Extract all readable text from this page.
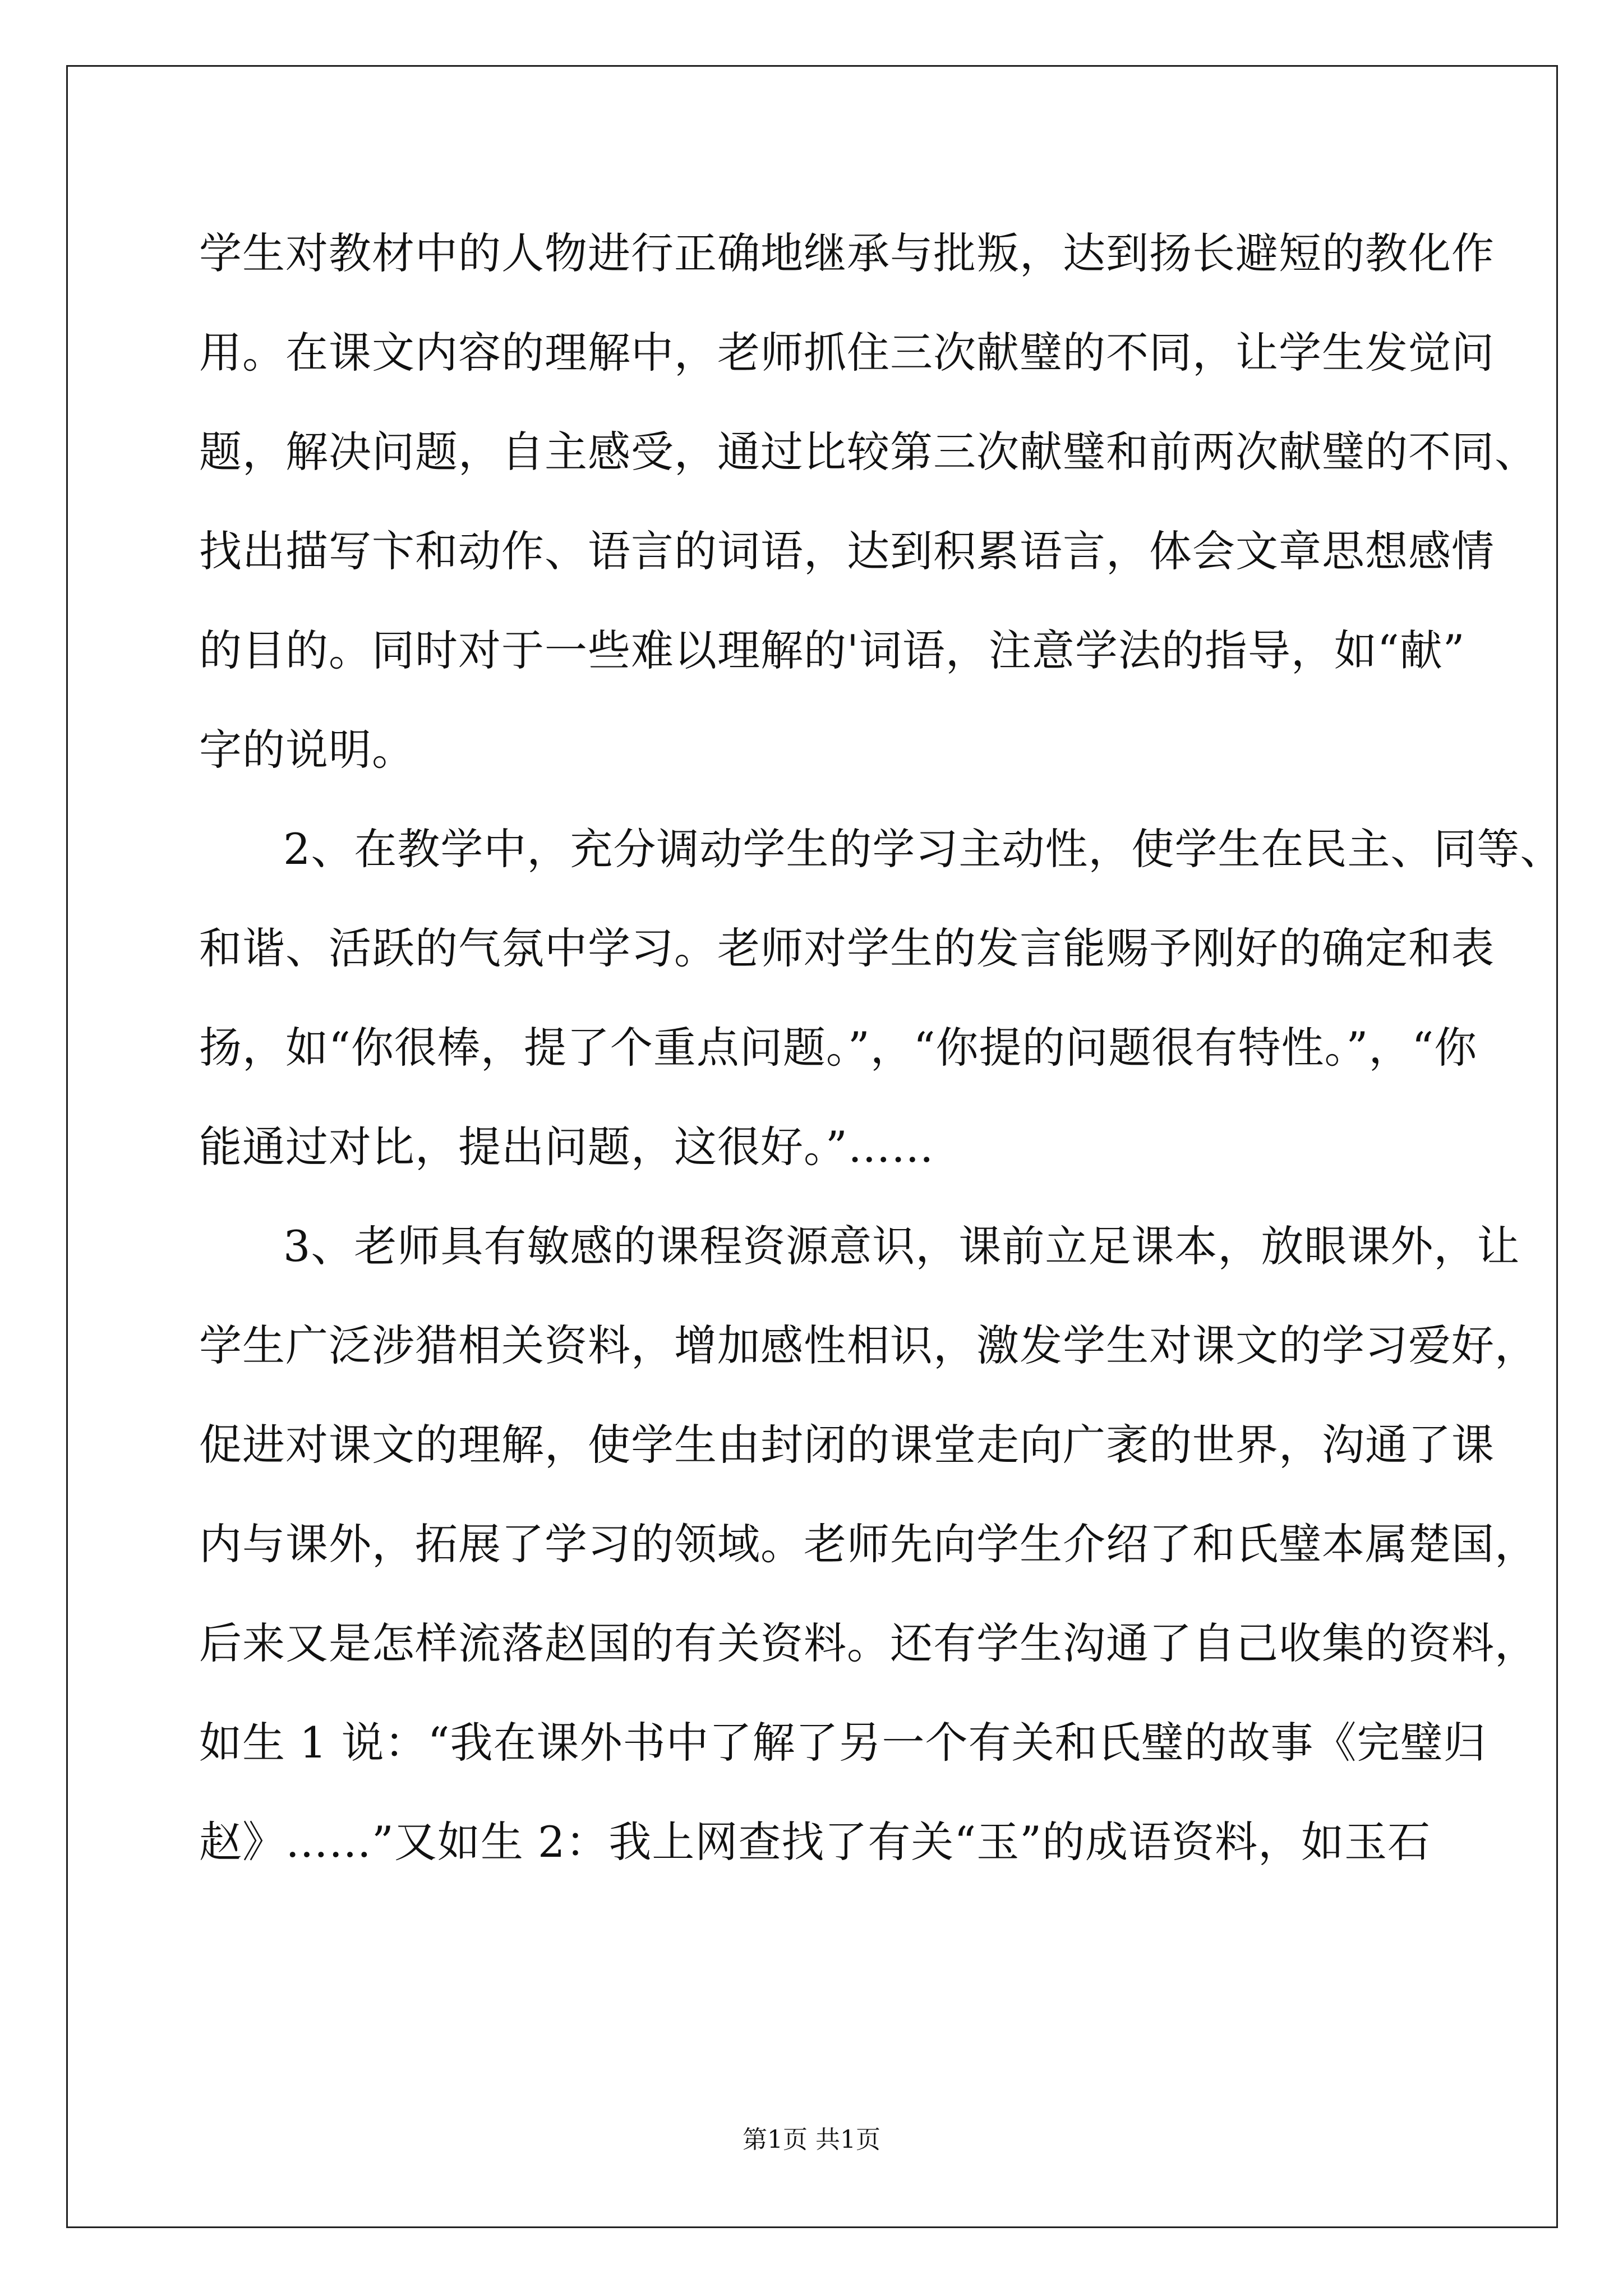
学生对教材中的人物进行正确地继承与批叛，达到扬长避短的教化作
用。在课文内容的理解中，老师抓住三次献璧的不同，让学生发觉问
题，解决问题，自主感受，通过比较第三次献璧和前两次献璧的不同、
找出描写卞和动作、语言的词语，达到积累语言，体会文章思想感情
的目的。同时对于一些难以理解的'词语，注意学法的指导，如“献”
字的说明。
2、在教学中，充分调动学生的学习主动性，使学生在民主、同等、
和谐、活跃的气氛中学习。老师对学生的发言能赐予刚好的确定和表
扬，如“你很棒，提了个重点问题。”，“你提的问题很有特性。”，“你
能通过对比，提出问题，这很好。”……
3、老师具有敏感的课程资源意识，课前立足课本，放眼课外，让
学生广泛涉猎相关资料，增加感性相识，激发学生对课文的学习爱好，
促进对课文的理解，使学生由封闭的课堂走向广袤的世界，沟通了课
内与课外，拓展了学习的领域。老师先向学生介绍了和氏璧本属楚国，
后来又是怎样流落赵国的有关资料。还有学生沟通了自己收集的资料，
如生 1 说：“我在课外书中了解了另一个有关和氏璧的故事《完璧归
赵》……”又如生 2：我上网查找了有关“玉”的成语资料，如玉石
第1页 共1页
